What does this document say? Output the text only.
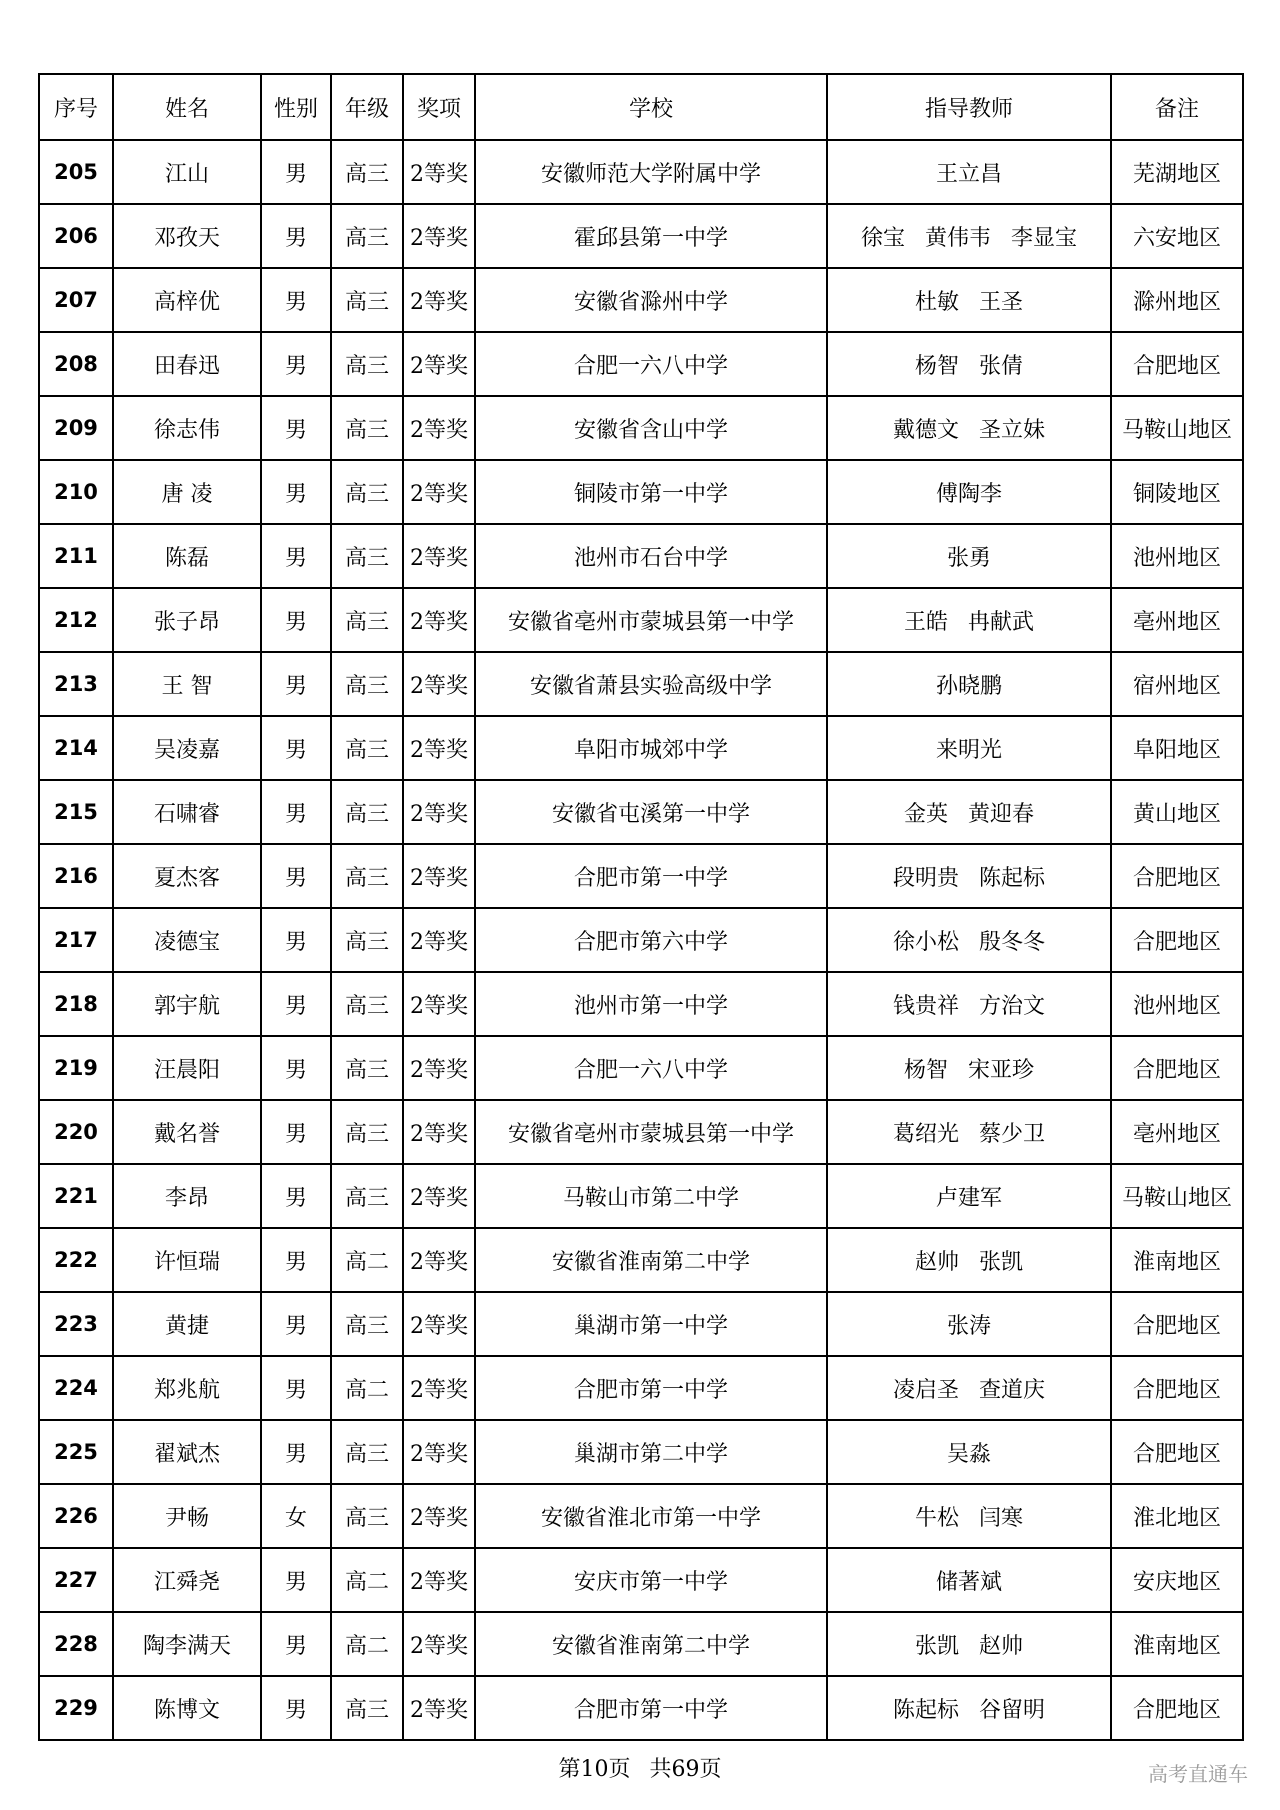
序号	姓名	性别	年级	奖项	学校	指导教师	备注
205	江山	男	高三	2等奖	安徽师范大学附属中学	王立昌	芜湖地区
206	邓孜天	男	高三	2等奖	霍邱县第一中学	徐宝 黄伟韦 李显宝	六安地区
207	高梓优	男	高三	2等奖	安徽省滁州中学	杜敏 王圣	滁州地区
208	田春迅	男	高三	2等奖	合肥一六八中学	杨智 张倩	合肥地区
209	徐志伟	男	高三	2等奖	安徽省含山中学	戴德文 圣立妹	马鞍山地区
210	唐 凌	男	高三	2等奖	铜陵市第一中学	傅陶李	铜陵地区
211	陈磊	男	高三	2等奖	池州市石台中学	张勇	池州地区
212	张子昂	男	高三	2等奖	安徽省亳州市蒙城县第一中学	王皓 冉献武	亳州地区
213	王 智	男	高三	2等奖	安徽省萧县实验高级中学	孙晓鹏	宿州地区
214	吴凌嘉	男	高三	2等奖	阜阳市城郊中学	来明光	阜阳地区
215	石啸睿	男	高三	2等奖	安徽省屯溪第一中学	金英 黄迎春	黄山地区
216	夏杰客	男	高三	2等奖	合肥市第一中学	段明贵 陈起标	合肥地区
217	凌德宝	男	高三	2等奖	合肥市第六中学	徐小松 殷冬冬	合肥地区
218	郭宇航	男	高三	2等奖	池州市第一中学	钱贵祥 方治文	池州地区
219	汪晨阳	男	高三	2等奖	合肥一六八中学	杨智 宋亚珍	合肥地区
220	戴名誉	男	高三	2等奖	安徽省亳州市蒙城县第一中学	葛绍光 蔡少卫	亳州地区
221	李昂	男	高三	2等奖	马鞍山市第二中学	卢建军	马鞍山地区
222	许恒瑞	男	高二	2等奖	安徽省淮南第二中学	赵帅 张凯	淮南地区
223	黄捷	男	高三	2等奖	巢湖市第一中学	张涛	合肥地区
224	郑兆航	男	高二	2等奖	合肥市第一中学	凌启圣 查道庆	合肥地区
225	翟斌杰	男	高三	2等奖	巢湖市第二中学	吴淼	合肥地区
226	尹畅	女	高三	2等奖	安徽省淮北市第一中学	牛松 闫寒	淮北地区
227	江舜尧	男	高二	2等奖	安庆市第一中学	储著斌	安庆地区
228	陶李满天	男	高二	2等奖	安徽省淮南第二中学	张凯 赵帅	淮南地区
229	陈博文	男	高三	2等奖	合肥市第一中学	陈起标 谷留明	合肥地区
第10页 共69页	高考直通车
